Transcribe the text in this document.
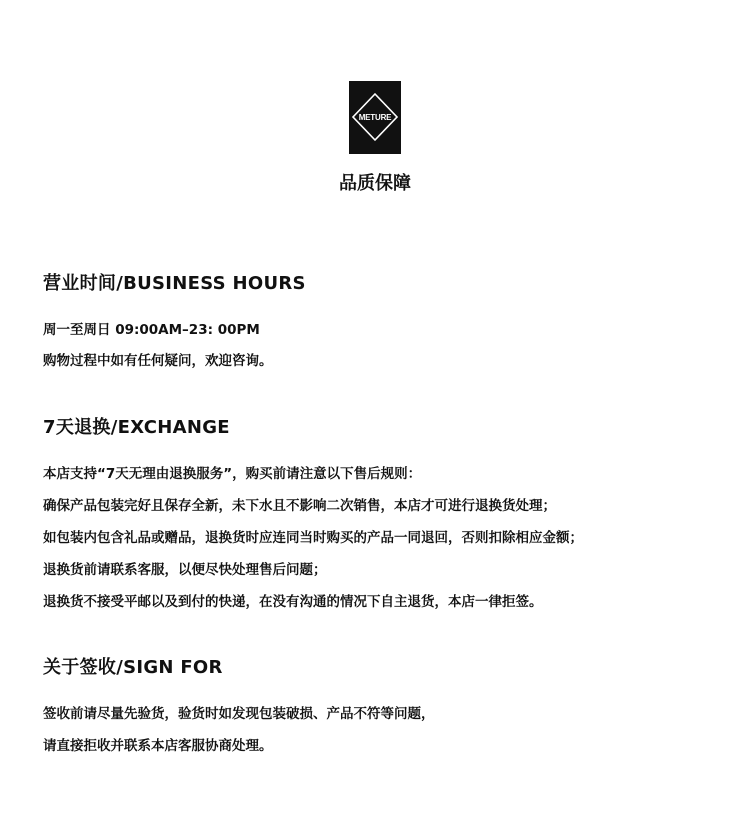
METURE
品质保障
营业时间/BUSINESS HOURS
周一至周日 09:00AM–23: 00PM
购物过程中如有任何疑问，欢迎咨询。
7天退换/EXCHANGE
本店支持“7天无理由退换服务”，购买前请注意以下售后规则：
确保产品包装完好且保存全新，未下水且不影响二次销售，本店才可进行退换货处理；
如包装内包含礼品或赠品，退换货时应连同当时购买的产品一同退回，否则扣除相应金额；
退换货前请联系客服，以便尽快处理售后问题；
退换货不接受平邮以及到付的快递，在没有沟通的情况下自主退货，本店一律拒签。
关于签收/SIGN FOR
签收前请尽量先验货，验货时如发现包装破损、产品不符等问题，
请直接拒收并联系本店客服协商处理。
